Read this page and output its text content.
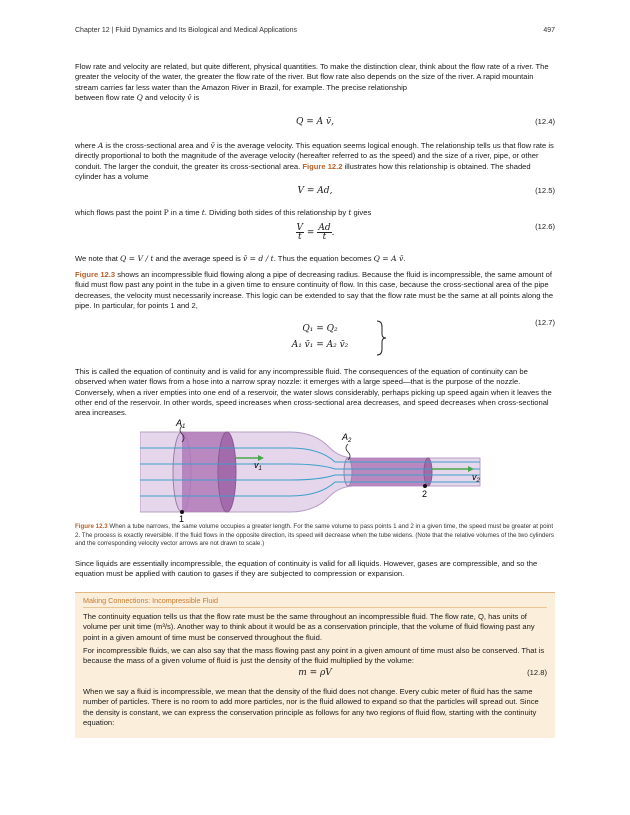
Chapter 12 | Fluid Dynamics and Its Biological and Medical Applications	497

Flow rate and velocity are related, but quite different, physical quantities. To make the distinction clear, think about the flow rate of a river. The greater the velocity of the water, the greater the flow rate of the river. But flow rate also depends on the size of the river. A rapid mountain stream carries far less water than the Amazon River in Brazil, for example. The precise relationship
between flow rate Q and velocity v̄ is

Q = A v̄,	(12.4)

where A is the cross-sectional area and v̄ is the average velocity. This equation seems logical enough. The relationship tells us that flow rate is directly proportional to both the magnitude of the average velocity (hereafter referred to as the speed) and the size of a river, pipe, or other conduit. The larger the conduit, the greater its cross-sectional area. Figure 12.2 illustrates how this relationship is obtained. The shaded cylinder has a volume

V = Ad,	(12.5)

which flows past the point P in a time t. Dividing both sides of this relationship by t gives

$\frac{V}{t} = \frac{Ad}{t}$ .
(12.6)

We note that Q = V / t and the average speed is v̄ = d / t. Thus the equation becomes Q = A v̄.

Figure 12.3 shows an incompressible fluid flowing along a pipe of decreasing radius. Because the fluid is incompressible, the same amount of fluid must flow past any point in the tube in a given time to ensure continuity of flow. In this case, because the cross-sectional area of the pipe decreases, the velocity must necessarily increase. This logic can be extended to say that the flow rate must be the same at all points along the pipe. In particular, for points 1 and 2,

Q₁ = Q₂
A₁ v̄₁ = A₂ v̄₂
(12.7)

This is called the equation of continuity and is valid for any incompressible fluid. The consequences of the equation of continuity can be observed when water flows from a hose into a narrow spray nozzle: it emerges with a large speed—that is the purpose of the nozzle. Conversely, when a river empties into one end of a reservoir, the water slows considerably, perhaps picking up speed again when it leaves the other end of the reservoir. In other words, speed increases when cross-sectional area decreases, and speed decreases when cross-sectional area increases.

$A_1$
$A_2$
$v_1$
$v_2$
1
2

Figure 12.3 When a tube narrows, the same volume occupies a greater length. For the same volume to pass points 1 and 2 in a given time, the speed must be greater at point 2. The process is exactly reversible. If the fluid flows in the opposite direction, its speed will decrease when the tube widens. (Note that the relative volumes of the two cylinders and the corresponding velocity vector arrows are not drawn to scale.)

Since liquids are essentially incompressible, the equation of continuity is valid for all liquids. However, gases are compressible, and so the equation must be applied with caution to gases if they are subjected to compression or expansion.

Making Connections: Incompressible Fluid

The continuity equation tells us that the flow rate must be the same throughout an incompressible fluid. The flow rate, Q, has units of volume per unit time (m³/s). Another way to think about it would be as a conservation principle, that the volume of fluid flowing past any point in a given amount of time must be conserved throughout the fluid.

For incompressible fluids, we can also say that the mass flowing past any point in a given amount of time must also be conserved. That is because the mass of a given volume of fluid is just the density of the fluid multiplied by the volume:

m = ρV	(12.8)

When we say a fluid is incompressible, we mean that the density of the fluid does not change. Every cubic meter of fluid has the same number of particles. There is no room to add more particles, nor is the fluid allowed to expand so that the particles will spread out. Since the density is constant, we can express the conservation principle as follows for any two regions of fluid flow, starting with the continuity equation:
